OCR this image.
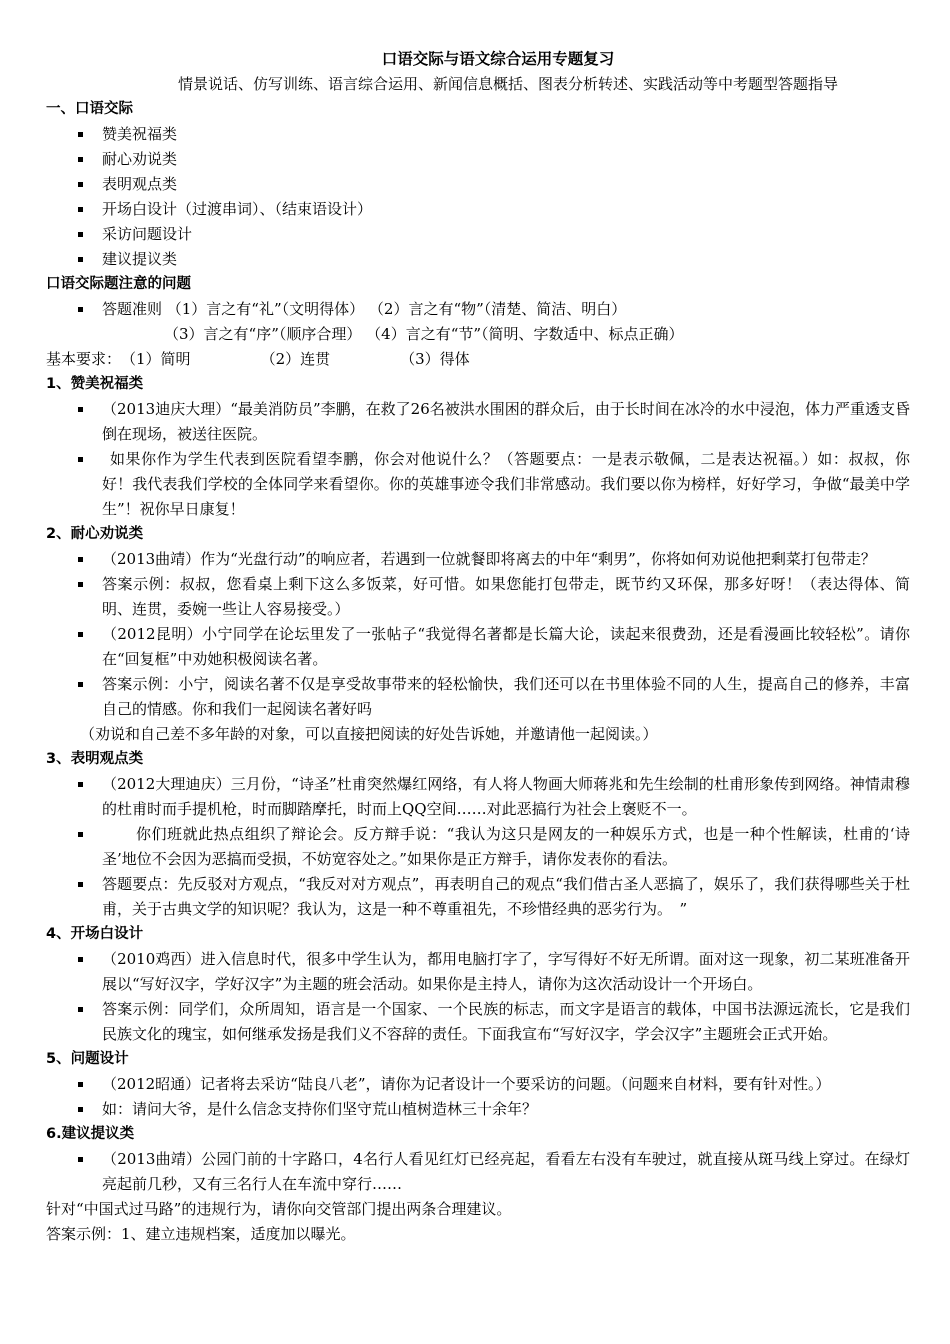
口语交际与语文综合运用专题复习
情景说话、仿写训练、语言综合运用、新闻信息概括、图表分析转述、实践活动等中考题型答题指导
一、口语交际
赞美祝福类
耐心劝说类
表明观点类
开场白设计（过渡串词）、（结束语设计）
采访问题设计
建议提议类
口语交际题注意的问题
答题准则 （1）言之有“礼”（文明得体） （2）言之有“物”（清楚、简洁、明白）
（3）言之有“序”（顺序合理） （4）言之有“节”（简明、字数适中、标点正确）
基本要求：（1）简明	（2）连贯	（3）得体
1、赞美祝福类
（2013迪庆大理）“最美消防员”李鹏，在救了26名被洪水围困的群众后，由于长时间在冰冷的水中浸泡，体力严重透支昏倒在现场，被送往医院。
如果你作为学生代表到医院看望李鹏，你会对他说什么？（答题要点：一是表示敬佩，二是表达祝福。）如：叔叔，你好！我代表我们学校的全体同学来看望你。你的英雄事迹令我们非常感动。我们要以你为榜样，好好学习，争做“最美中学生”！祝你早日康复！
2、耐心劝说类
（2013曲靖）作为“光盘行动”的响应者，若遇到一位就餐即将离去的中年“剩男”，你将如何劝说他把剩菜打包带走？
答案示例：叔叔，您看桌上剩下这么多饭菜，好可惜。如果您能打包带走，既节约又环保，那多好呀！（表达得体、简明、连贯，委婉一些让人容易接受。）
（2012昆明）小宁同学在论坛里发了一张帖子“我觉得名著都是长篇大论，读起来很费劲，还是看漫画比较轻松”。请你在“回复框”中劝她积极阅读名著。
答案示例：小宁，阅读名著不仅是享受故事带来的轻松愉快，我们还可以在书里体验不同的人生，提高自己的修养，丰富自己的情感。你和我们一起阅读名著好吗
（劝说和自己差不多年龄的对象，可以直接把阅读的好处告诉她，并邀请他一起阅读。）
3、表明观点类
（2012大理迪庆）三月份，“诗圣”杜甫突然爆红网络，有人将人物画大师蒋兆和先生绘制的杜甫形象传到网络。神情肃穆的杜甫时而手提机枪，时而脚踏摩托，时而上QQ空间……对此恶搞行为社会上褒贬不一。
你们班就此热点组织了辩论会。反方辩手说：“我认为这只是网友的一种娱乐方式，也是一种个性解读，杜甫的‘诗圣’地位不会因为恶搞而受损，不妨宽容处之。”如果你是正方辩手，请你发表你的看法。
答题要点：先反驳对方观点，“我反对对方观点”，再表明自己的观点“我们借古圣人恶搞了，娱乐了，我们获得哪些关于杜甫，关于古典文学的知识呢？我认为，这是一种不尊重祖先，不珍惜经典的恶劣行为。　”
4、开场白设计
（2010鸡西）进入信息时代，很多中学生认为，都用电脑打字了，字写得好不好无所谓。面对这一现象，初二某班准备开展以“写好汉字，学好汉字”为主题的班会活动。如果你是主持人，请你为这次活动设计一个开场白。
答案示例：同学们，众所周知，语言是一个国家、一个民族的标志，而文字是语言的载体，中国书法源远流长，它是我们民族文化的瑰宝，如何继承发扬是我们义不容辞的责任。下面我宣布“写好汉字，学会汉字”主题班会正式开始。
5、问题设计
（2012昭通）记者将去采访“陆良八老”，请你为记者设计一个要采访的问题。（问题来自材料，要有针对性。）
如：请问大爷，是什么信念支持你们坚守荒山植树造林三十余年？
6.建议提议类
（2013曲靖）公园门前的十字路口，4名行人看见红灯已经亮起，看看左右没有车驶过，就直接从斑马线上穿过。在绿灯亮起前几秒，又有三名行人在车流中穿行……
针对“中国式过马路”的违规行为，请你向交管部门提出两条合理建议。
答案示例：1、建立违规档案，适度加以曝光。
